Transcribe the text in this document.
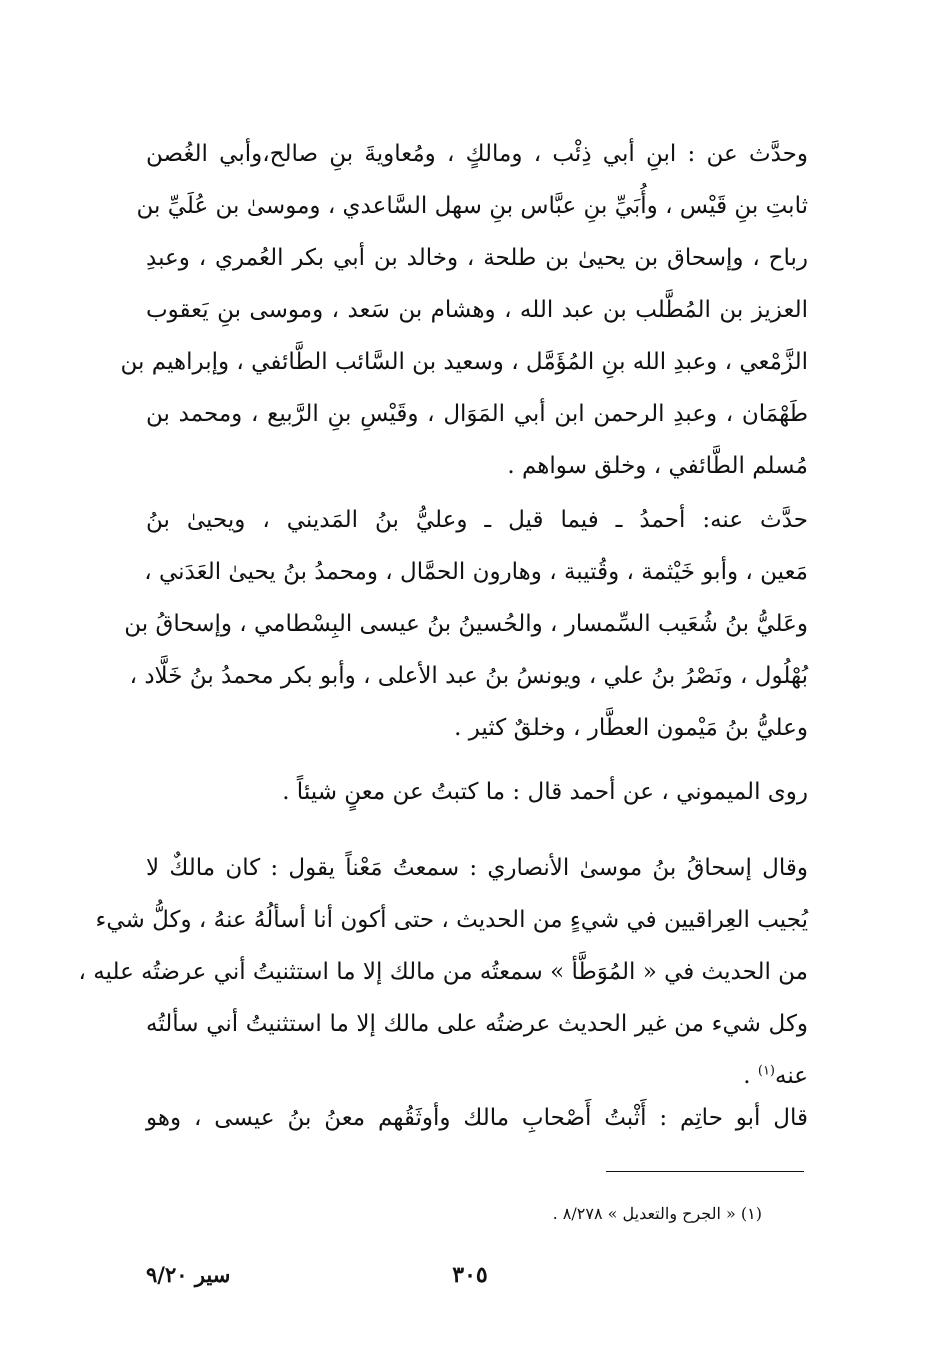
وحدَّث عن : ابنِ أبي ذِئْب ، ومالكٍ ، ومُعاويةَ بنِ صالح،وأبي الغُصن
ثابتِ بنِ قَيْس ، وأُبَيِّ بنِ عبَّاس بنِ سهل السَّاعدي ، وموسىٰ بن عُلَيِّ بن
رباح ، وإسحاق بن يحيىٰ بن طلحة ، وخالد بن أبي بكر العُمري ، وعبدِ
العزيز بن المُطَّلب بن عبد الله ، وهشام بن سَعد ، وموسى بنِ يَعقوب
الزَّمْعي ، وعبدِ الله بنِ المُؤَمَّل ، وسعيد بن السَّائب الطَّائفي ، وإبراهيم بن
طَهْمَان ، وعبدِ الرحمن ابن أبي المَوَال ، وقَيْسِ بنِ الرَّبيع ، ومحمد بن
مُسلم الطَّائفي ، وخلق سواهم .
حدَّث عنه: أحمدُ ـ فيما قيل ـ وعليُّ بنُ المَديني ، ويحيىٰ بنُ
مَعين ، وأبو خَيْثمة ، وقُتيبة ، وهارون الحمَّال ، ومحمدُ بنُ يحيىٰ العَدَني ،
وعَليُّ بنُ شُعَيب السِّمسار ، والحُسينُ بنُ عيسى البِسْطامي ، وإسحاقُ بن
بُهْلُول ، ونَصْرُ بنُ علي ، ويونسُ بنُ عبد الأعلى ، وأبو بكر محمدُ بنُ خَلَّاد ،
وعليُّ بنُ مَيْمون العطَّار ، وخلقٌ كثير .
روى الميموني ، عن أحمد قال : ما كتبتُ عن معنٍ شيئاً .
وقال إسحاقُ بنُ موسىٰ الأنصاري : سمعتُ مَعْناً يقول : كان مالكٌ لا
يُجيب العِراقيين في شيءٍ من الحديث ، حتى أكون أنا أسألُهُ عنهُ ، وكلُّ شيء
من الحديث في « المُوَطَّأ » سمعتُه من مالك إلا ما استثنيتُ أني عرضتُه عليه ،
وكل شيء من غير الحديث عرضتُه على مالك إلا ما استثنيتُ أني سألتُه
عنه$^{(١)}$ .
قال أبو حاتِم : أَثْبتُ أَصْحابِ مالك وأوثَقُهم معنُ بنُ عيسى ، وهو
(١) « الجرح والتعديل » ٨/٢٧٨ .
٣٠٥
سير ٩/٢٠
